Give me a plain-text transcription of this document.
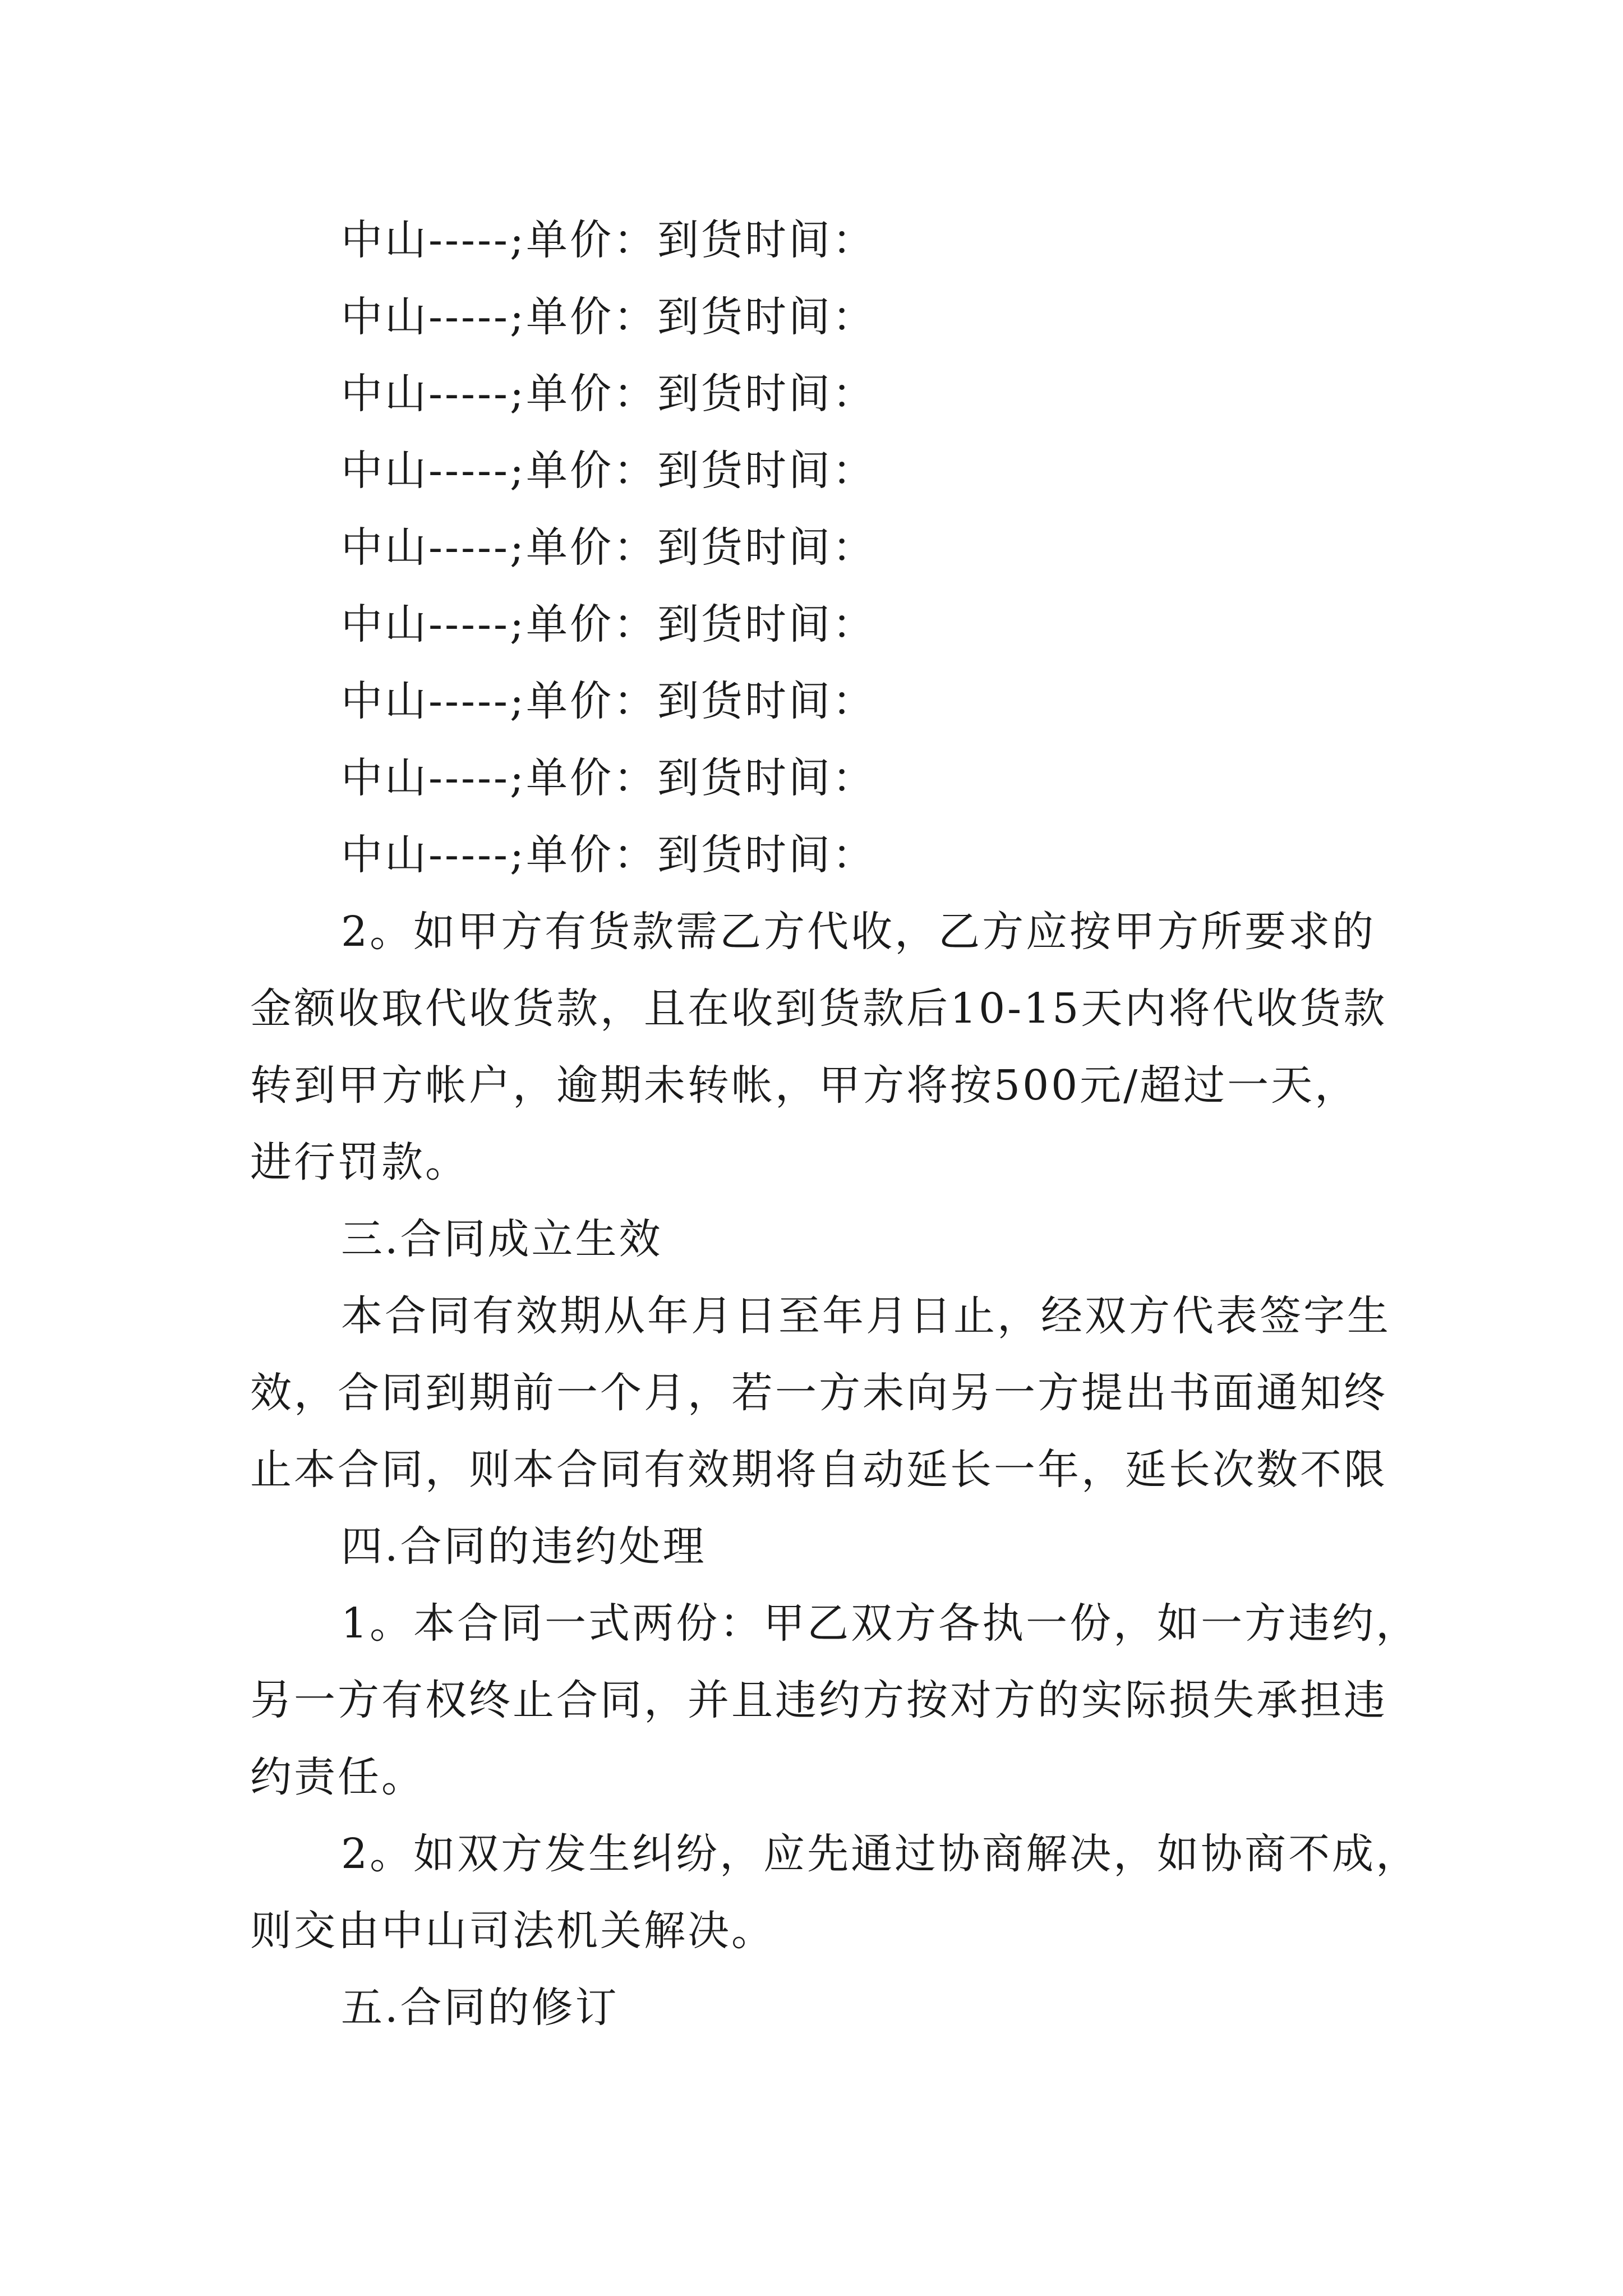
中山-----;单价：到货时间：
中山-----;单价：到货时间：
中山-----;单价：到货时间：
中山-----;单价：到货时间：
中山-----;单价：到货时间：
中山-----;单价：到货时间：
中山-----;单价：到货时间：
中山-----;单价：到货时间：
中山-----;单价：到货时间：
2。如甲方有货款需乙方代收，乙方应按甲方所要求的
金额收取代收货款，且在收到货款后10-15天内将代收货款
转到甲方帐户，逾期未转帐，甲方将按500元/超过一天，
进行罚款。
三.合同成立生效
本合同有效期从年月日至年月日止，经双方代表签字生
效，合同到期前一个月，若一方未向另一方提出书面通知终
止本合同，则本合同有效期将自动延长一年，延长次数不限
四.合同的违约处理
1。本合同一式两份：甲乙双方各执一份，如一方违约，
另一方有权终止合同，并且违约方按对方的实际损失承担违
约责任。
2。如双方发生纠纷，应先通过协商解决，如协商不成，
则交由中山司法机关解决。
五.合同的修订
